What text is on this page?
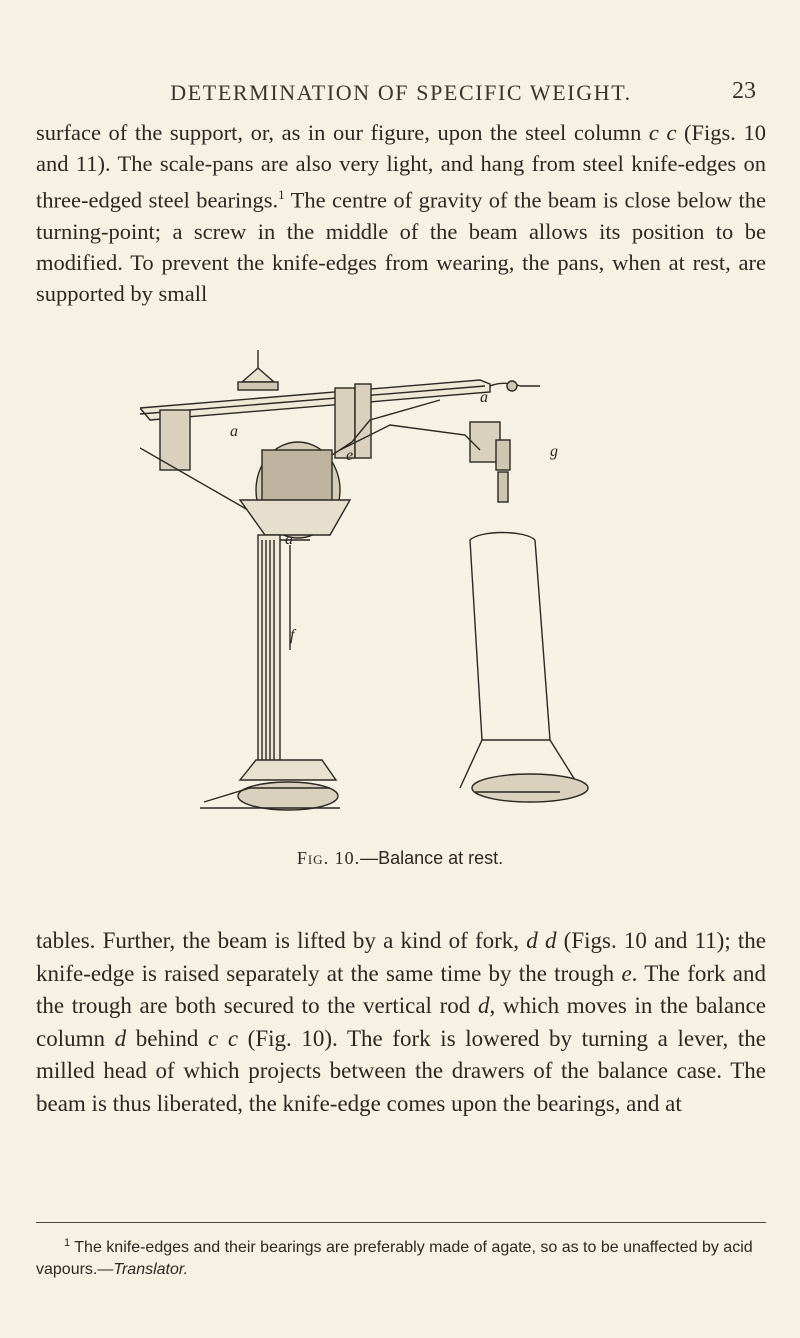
DETERMINATION OF SPECIFIC WEIGHT.	23

surface of the support, or, as in our figure, upon the steel column c c (Figs. 10 and 11). The scale-pans are also very light, and hang from steel knife-edges on three-edged steel bearings.$^1$ The centre of gravity of the beam is close below the turning-point; a screw in the middle of the beam allows its position to be modified. To prevent the knife-edges from wearing, the pans, when at rest, are supported by small

a
e
a
g
a
f
Fig. 10.—Balance at rest.

tables. Further, the beam is lifted by a kind of fork, d d (Figs. 10 and 11); the knife-edge is raised separately at the same time by the trough e. The fork and the trough are both secured to the vertical rod d, which moves in the balance column d behind c c (Fig. 10). The fork is lowered by turning a lever, the milled head of which projects between the drawers of the balance case. The beam is thus liberated, the knife-edge comes upon the bearings, and at

$^1$ The knife-edges and their bearings are preferably made of agate, so as to be unaffected by acid vapours.—Translator.
